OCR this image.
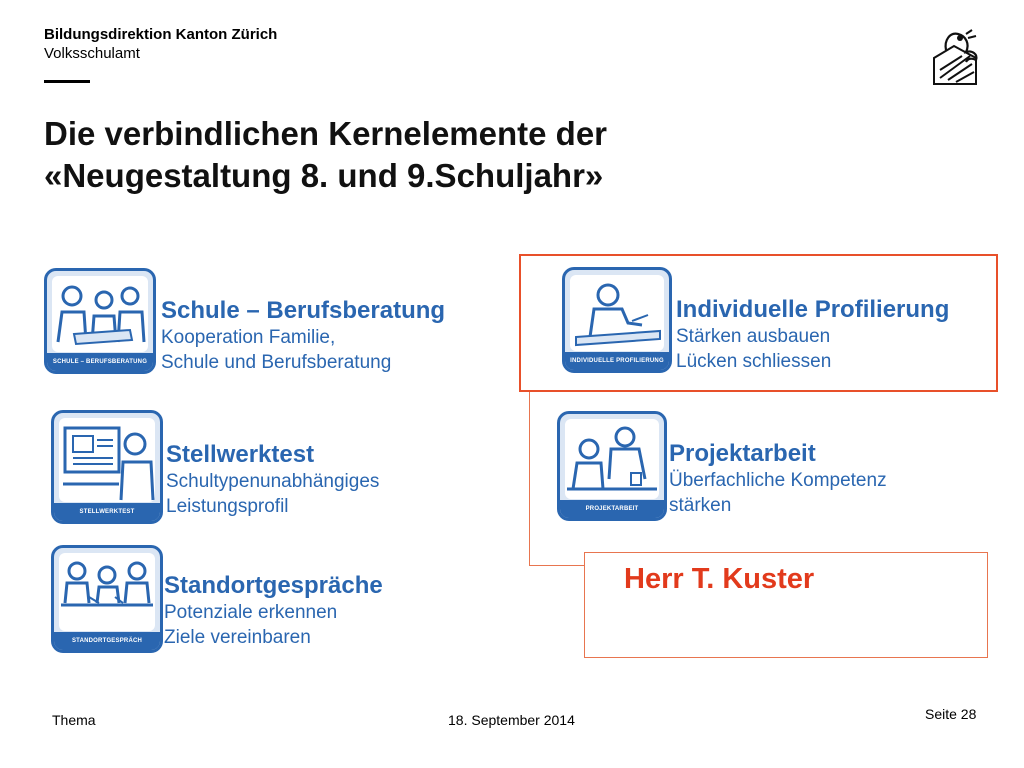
Bildungsdirektion Kanton Zürich
Volksschulamt
Die verbindlichen Kernelemente der
«Neugestaltung 8. und 9.Schuljahr»
SCHULE – BERUFSBERATUNG
Schule – Berufsberatung
Kooperation Familie,
Schule und Berufsberatung
STELLWERKTEST
Stellwerktest
Schultypenunabhängiges
Leistungsprofil
STANDORTGESPRÄCH
Standortgespräche
Potenziale erkennen
Ziele vereinbaren
INDIVIDUELLE PROFILIERUNG
Individuelle Profilierung
Stärken ausbauen
Lücken schliessen
PROJEKTARBEIT
Projektarbeit
Überfachliche Kompetenz
stärken
Herr T. Kuster
Thema	18. September 2014	Seite 28
